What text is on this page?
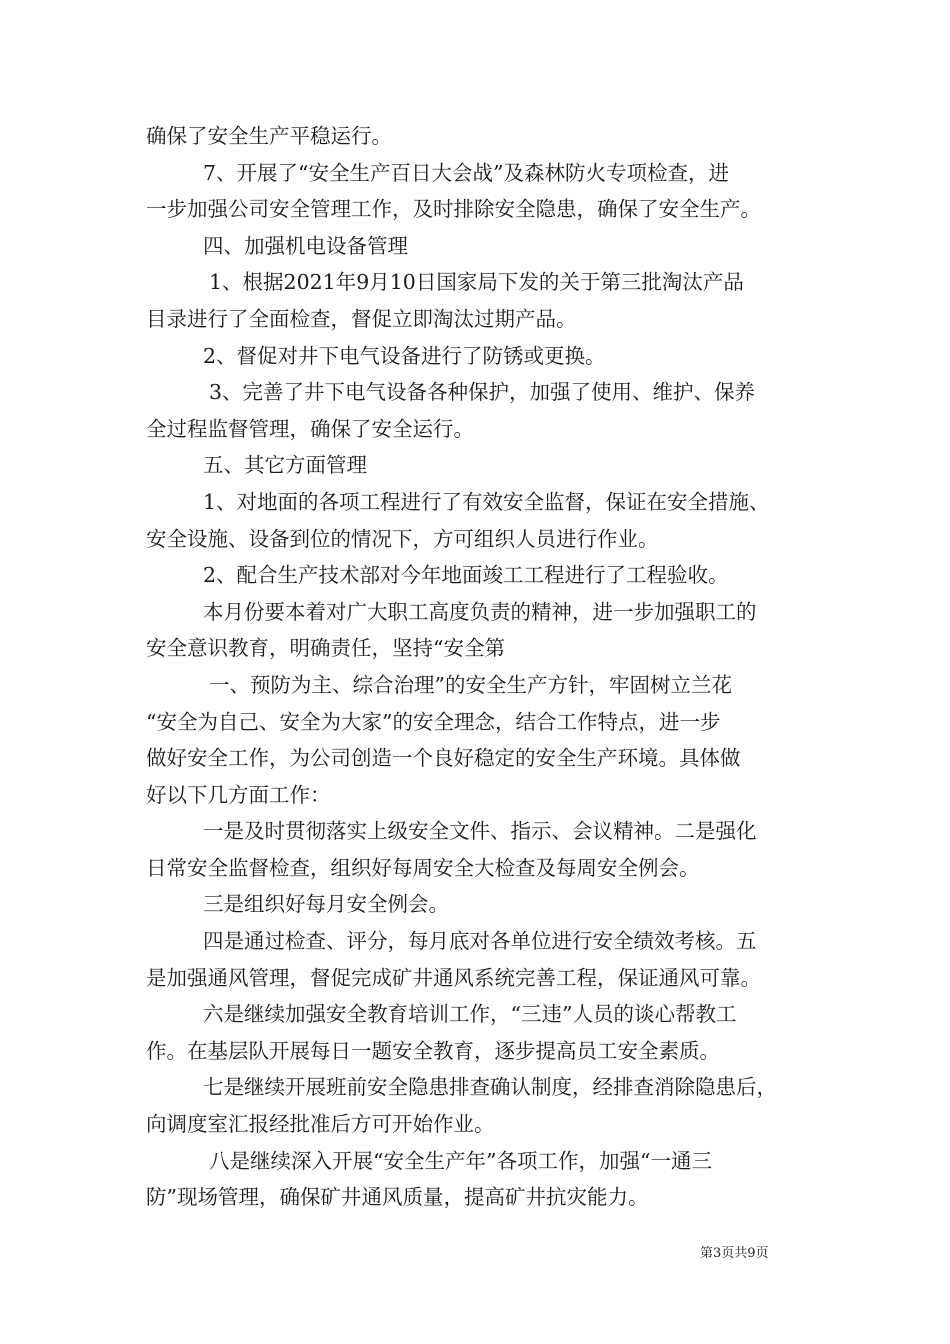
确保了安全生产平稳运行。
7、开展了“安全生产百日大会战”及森林防火专项检查，进
一步加强公司安全管理工作，及时排除安全隐患，确保了安全生产。
四、加强机电设备管理
1、根据2021年9月10日国家局下发的关于第三批淘汰产品
目录进行了全面检查，督促立即淘汰过期产品。
2、督促对井下电气设备进行了防锈或更换。
3、完善了井下电气设备各种保护，加强了使用、维护、保养
全过程监督管理，确保了安全运行。
五、其它方面管理
1、对地面的各项工程进行了有效安全监督，保证在安全措施、
安全设施、设备到位的情况下，方可组织人员进行作业。
2、配合生产技术部对今年地面竣工工程进行了工程验收。
本月份要本着对广大职工高度负责的精神，进一步加强职工的
安全意识教育，明确责任，坚持“安全第
一、预防为主、综合治理”的安全生产方针，牢固树立兰花
“安全为自己、安全为大家”的安全理念，结合工作特点，进一步
做好安全工作，为公司创造一个良好稳定的安全生产环境。具体做
好以下几方面工作：
一是及时贯彻落实上级安全文件、指示、会议精神。二是强化
日常安全监督检查，组织好每周安全大检查及每周安全例会。
三是组织好每月安全例会。
四是通过检查、评分，每月底对各单位进行安全绩效考核。五
是加强通风管理，督促完成矿井通风系统完善工程，保证通风可靠。
六是继续加强安全教育培训工作，“三违”人员的谈心帮教工
作。在基层队开展每日一题安全教育，逐步提高员工安全素质。
七是继续开展班前安全隐患排查确认制度，经排查消除隐患后，
向调度室汇报经批准后方可开始作业。
八是继续深入开展“安全生产年”各项工作，加强“一通三
防”现场管理，确保矿井通风质量，提高矿井抗灾能力。
第3页共9页
